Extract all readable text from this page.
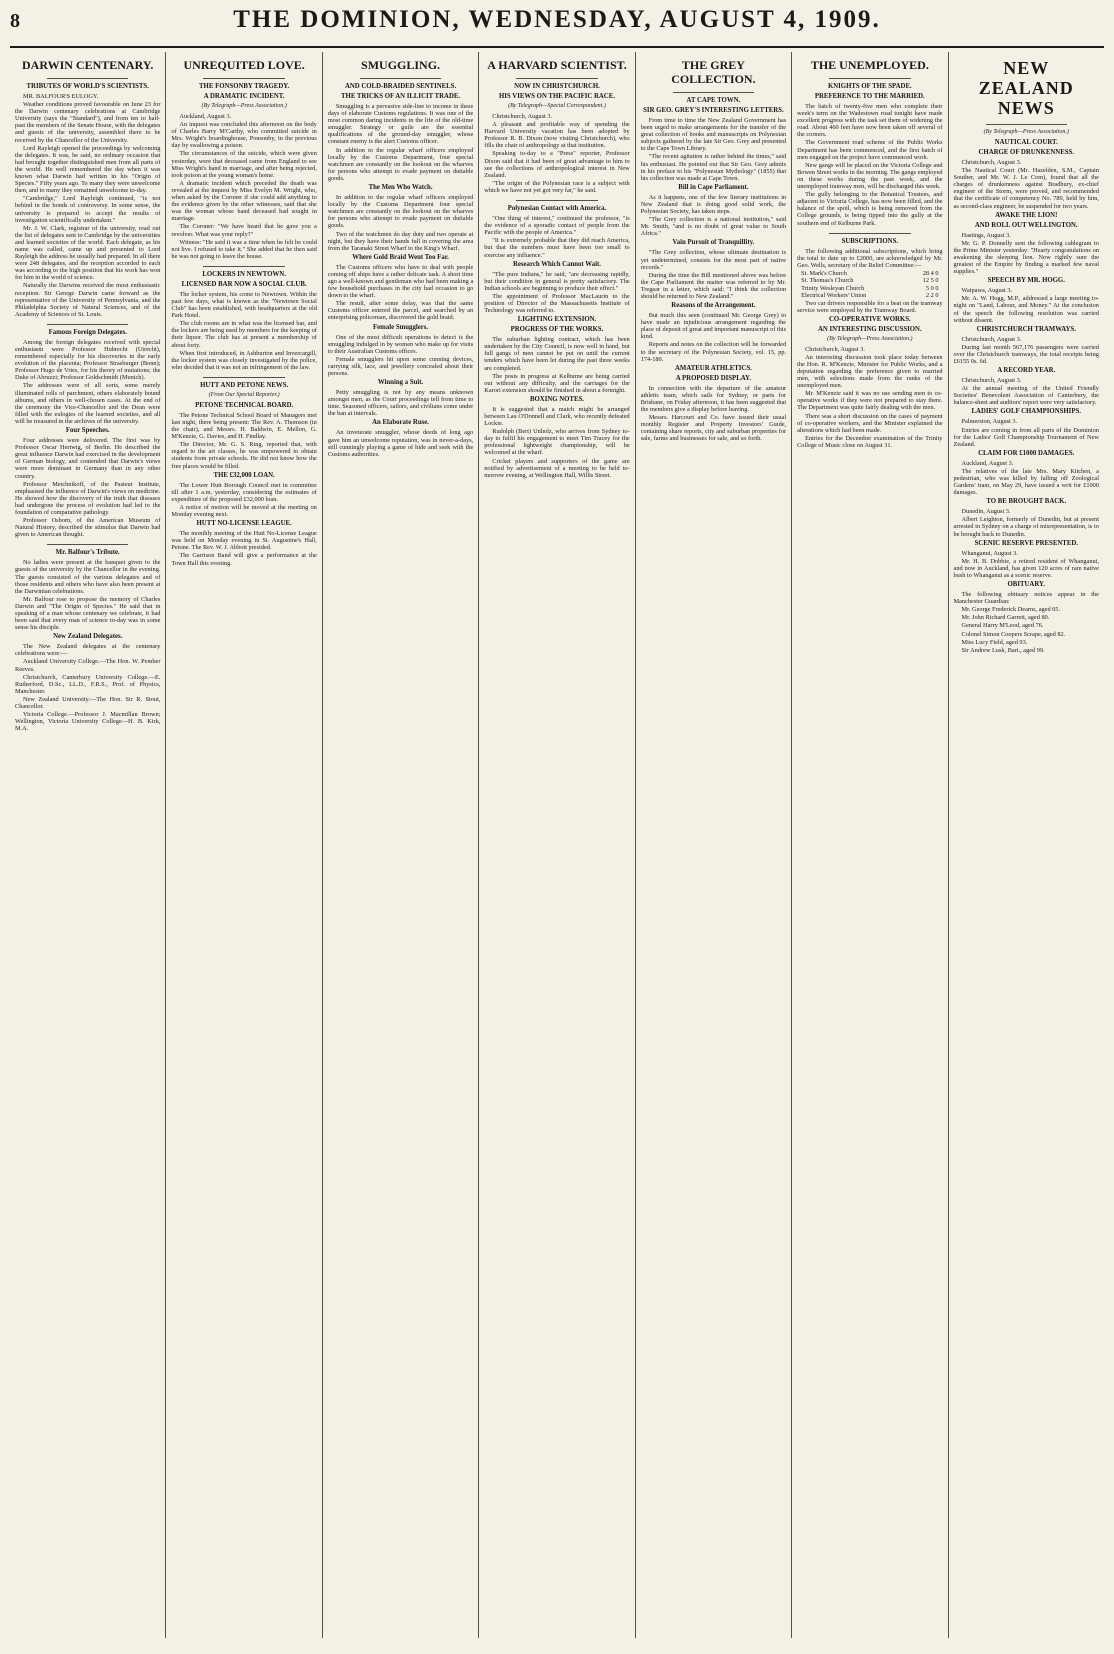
8	THE DOMINION, WEDNESDAY, AUGUST 4, 1909.
DARWIN CENTENARY.
TRIBUTES OF WORLD'S SCIENTISTS.

MR. BALFOUR'S EULOGY.

Weather conditions proved favourable on June 23 for the Darwin centenary celebrations at Cambridge University (says the "Standard"), and from ten to half-past the members of the Senate House, with the delegates and guests of the university, assembled there to be received by the Chancellor of the University.

Lord Rayleigh opened the proceedings by welcoming the delegates. It was, he said, no ordinary occasion that had brought together distinguished men from all parts of the world. He well remembered the day when it was known what Darwin had written in his "Origin of Species." Fifty years ago. To many they were unwelcome then, and to many they remained unwelcome to-day.

"Cambridge," Lord Rayleigh continued, "is not behind in the bonds of controversy. In some sense, the university is prepared to accept the results of investigation scientifically undertaken."

Mr. J. W. Clark, registrar of the university, read out the list of delegates sent to Cambridge by the universities and learned societies of the world. Each delegate, as his name was called, came up and presented to Lord Rayleigh the address he usually had prepared. In all there were 248 delegates, and the reception accorded to each was according to the high position that his work has won for him in the world of science.

Naturally the Darwins received the most enthusiastic reception. Sir George Darwin came forward as the representative of the University of Pennsylvania, and the Philadelphia Society of Natural Sciences, and of the Academy of Sciences of St. Louis.

Famous Foreign Delegates.

Among the foreign delegates received with special enthusiasm were Professor Hubrecht (Utrecht), remembered especially for his discoveries in the early evolution of the placenta; Professor Strasburger (Bonn); Professor Hugo de Vries, for his theory of mutations; the Duke of Abruzzi; Professor Goldschmidt (Munich).

The addresses were of all sorts, some merely illuminated rolls of parchment, others elaborately bound albums, and others in well-chosen cases. At the end of the ceremony the Vice-Chancellor and the Dean were filled with the eulogies of the learned societies, and all will be treasured in the archives of the university.

Four Speeches.

Four addresses were delivered. The first was by Professor Oscar Hertwig, of Berlin. He described the great influence Darwin had exercised in the development of German biology, and contended that Darwin's views were more dominant in Germany than in any other country.

Professor Metchnikoff, of the Pasteur Institute, emphasised the influence of Darwin's views on medicine. He showed how the discovery of the truth that diseases had undergone the process of evolution had led to the foundation of comparative pathology.

Professor Osborn, of the American Museum of Natural History, described the stimulus that Darwin had given to American thought.

Mr. Balfour's Tribute.

No ladies were present at the banquet given to the guests of the university by the Chancellor in the evening. The guests consisted of the various delegates and of those residents and others who have also been present at the Darwinian celebrations.

Mr. Balfour rose to propose the memory of Charles Darwin and "The Origin of Species." He said that in speaking of a man whose centenary we celebrate, it had been said that every man of science to-day was in some sense his disciple.

New Zealand Delegates.

The New Zealand delegates at the centenary celebrations were:—

Auckland University College.—The Hon. W. Pember Reeves.

Christchurch, Canterbury University College.—E. Rutherford, D.Sc., LL.D., F.R.S., Prof. of Physics, Manchester.

New Zealand University.—The Hon. Sir R. Stout, Chancellor.

Victoria College.—Professor J. Macmillan Brown; Wellington, Victoria University College—H. B. Kirk, M.A.

UNREQUITED LOVE.
THE FONSONBY TRAGEDY.
A DRAMATIC INCIDENT.
(By Telegraph—Press Association.)

Auckland, August 3.

An inquest was concluded this afternoon on the body of Charles Barry M'Carthy, who committed suicide in Mrs. Wright's boardinghouse, Ponsonby, in the previous day by swallowing a poison.

The circumstances of the suicide, which were given yesterday, were that deceased came from England to see Miss Wright's hand in marriage, and after being rejected, took poison at the young woman's home.

A dramatic incident which preceded the death was revealed at the inquest by Miss Evelyn M. Wright, who, when asked by the Coroner if she could add anything to the evidence given by the other witnesses, said that she was the woman whose hand deceased had sought in marriage.

The Coroner: "We have heard that he gave you a revolver. What was your reply?"

Witness: "He said it was a time when he felt he could not live. I refused to take it." She added that he then said he was not going to leave the house.

LOCKERS IN NEWTOWN.
LICENSED BAR NOW A SOCIAL CLUB.

The locker system, his come to Newtown. Within the past few days, what is known as the "Newtown Social Club" has been established, with headquarters at the old Park Hotel.

The club rooms are in what was the licensed bar, and the lockers are being used by members for the keeping of their liquor. The club has at present a membership of about forty.

When first introduced, in Ashburton and Invercargill, the locker system was closely investigated by the police, who decided that it was not an infringement of the law.

HUTT AND PETONE NEWS.
(From Our Special Reporter.)
PETONE TECHNICAL BOARD.

The Petone Technical School Board of Managers met last night, there being present: The Rev. A. Thomson (in the chair), and Messrs. H. Baldwin, E. Mellon, G. M'Kenzie, G. Davies, and H. Findlay.

The Director, Mr. G. S. Ring, reported that, with regard to the art classes, he was empowered to obtain students from private schools. He did not know how the free places would be filled.

THE £32,000 LOAN.

The Lower Hutt Borough Council met in committee till after 1 a.m. yesterday, considering the estimates of expenditure of the proposed £32,000 loan.

A notice of motion will be moved at the meeting on Monday evening next.

HUTT NO-LICENSE LEAGUE.

The monthly meeting of the Hutt No-License League was held on Monday evening in St. Augustine's Hall, Petone. The Rev. W. J. Abbott presided.

The Garrison Band will give a performance at the Town Hall this evening.

SMUGGLING.
AND COLD-BRAIDED SENTINELS.
THE TRICKS OF AN ILLICIT TRADE.

Smuggling is a pervasive side-line to income in these days of elaborate Customs regulations. It was one of the most common daring incidents in the life of the old-time smuggler. Strategy or guile are the essential qualifications of the ground-day smuggler, whose constant enemy is the alert Customs officer.

In addition to the regular wharf officers employed locally by the Customs Department, four special watchmen are constantly on the lookout on the wharves for persons who attempt to evade payment on dutiable goods.

The Men Who Watch.

In addition to the regular wharf officers employed locally by the Customs Department four special watchmen are constantly on the lookout on the wharves for persons who attempt to evade payment on dutiable goods.

Two of the watchmen do day duty and two operate at night, but they have their hands full in covering the area from the Taranaki Street Wharf to the King's Wharf.

Where Gold Braid Went Too Far.

The Customs officers who have to deal with people coming off ships have a rather delicate task. A short time ago a well-known and gentleman who had been making a few household purchases in the city had occasion to go down to the wharf.

The result, after some delay, was that the same Customs officer entered the parcel, and searched by an enterprising policeman, discovered the gold braid.

Female Smugglers.

One of the most difficult operations to detect is the smuggling indulged in by women who make up for visits to their Australian Customs offices.

Female smugglers hit upon some cunning devices, carrying silk, lace, and jewellery concealed about their persons.

Winning a Suit.

Petty smuggling is not by any means unknown amongst men, as the Court proceedings tell from time to time. Seasoned officers, sailors, and civilians come under the ban at intervals.

An Elaborate Ruse.

An inveterate smuggler, whose deeds of long ago gave him an unwelcome reputation, was in never-a-days, still cunningly playing a game of hide and seek with the Customs authorities.

A HARVARD SCIENTIST.
NOW IN CHRISTCHURCH.
HIS VIEWS ON THE PACIFIC RACE.
(By Telegraph—Special Correspondent.)

Christchurch, August 3.

A pleasant and profitable way of spending the Harvard University vacation has been adopted by Professor R. B. Dixon (now visiting Christchurch), who fills the chair of anthropology at that institution.

Speaking to-day to a "Press" reporter, Professor Dixon said that it had been of great advantage to him to see the collections of anthropological interest in New Zealand.

"The origin of the Polynesian race is a subject with which we have not yet got very far," he said.

Polynesian Contact with America.

"One thing of interest," continued the professor, "is the evidence of a sporadic contact of people from the Pacific with the people of America."

"It is extremely probable that they did reach America, but that the numbers must have been too small to exercise any influence."

Research Which Cannot Wait.

"The pure Indians," he said, "are decreasing rapidly, but their condition in general is pretty satisfactory. The Indian schools are beginning to produce their effect."

The appointment of Professor MacLaurin to the position of Director of the Massachusetts Institute of Technology was referred to.

LIGHTING EXTENSION.
PROGRESS OF THE WORKS.

The suburban lighting contract, which has been undertaken by the City Council, is now well in hand, but full gangs of men cannot be put on until the current tenders which have been let during the past three weeks are completed.

The posts in progress at Kelburne are being carried out without any difficulty, and the carriages for the Karori extension should be finished in about a fortnight.

BOXING NOTES.

It is suggested that a match might be arranged between Lau O'Donnell and Clark, who recently defeated Lockie.

Rudolph (Bert) Unholz, who arrives from Sydney to-day to fulfil his engagement to meet Tim Tracey for the professional lightweight championship, will be welcomed at the wharf.

Cricket players and supporters of the game are notified by advertisement of a meeting to be held to-morrow evening, at Wellington Hall, Willis Street.

THE GREY COLLECTION.
AT CAPE TOWN.
SIR GEO. GREY'S INTERESTING LETTERS.

From time to time the New Zealand Government has been urged to make arrangements for the transfer of the great collection of books and manuscripts on Polynesian subjects gathered by the late Sir Geo. Grey and presented to the Cape Town Library.

"The recent agitation is rather behind the times," said his enthusiast. He pointed out that Sir Geo. Grey admits in his preface to his "Polynesian Mythology" (1855) that his collection was made at Cape Town.

Bill in Cape Parliament.

As it happens, one of the few literary institutions in New Zealand that is doing good solid work, the Polynesian Society, has taken steps.

"The Grey collection is a national institution," said Mr. Smith, "and is no doubt of great value to South Africa."

Vain Pursuit of Tranquillity.

"The Grey collection, whose ultimate destination is yet undetermined, consists for the most part of native records."

During the time the Bill mentioned above was before the Cape Parliament the matter was referred to by Mr. Tregear in a letter, which said: "I think the collection should be returned to New Zealand."

Reasons of the Arrangement.

But much this seen (continued Mr. George Grey) to have made an injudicious arrangement regarding the place of deposit of great and important manuscript of this kind.

Reports and notes on the collection will be forwarded to the secretary of the Polynesian Society, vol. 15, pp. 174-180.

AMATEUR ATHLETICS.
A PROPOSED DISPLAY.

In connection with the departure of the amateur athletic team, which sails for Sydney, or parts for Brisbane, on Friday afternoon, it has been suggested that the members give a display before leaving.

Messrs. Harcourt and Co. have issued their usual monthly Register and Property Investors' Guide, containing share reports, city and suburban properties for sale, farms and businesses for sale, and so forth.

THE UNEMPLOYED.
KNIGHTS OF THE SPADE.
PREFERENCE TO THE MARRIED.

The batch of twenty-five men who complete their week's term on the Wadestown road tonight have made excellent progress with the task set them of widening the road. About 460 feet have now been taken off several of the corners.

The Government road scheme of the Public Works Department has been commenced, and the first batch of men engaged on the project have commenced work.

New gangs will be placed on the Victoria College and Bowen Street works in the morning. The gangs employed on these works during the past week, and the unemployed tramway men, will be discharged this week.

The gully belonging to the Botanical Trustees, and adjacent to Victoria College, has now been filled, and the balance of the spoil, which is being removed from the College grounds, is being tipped into the gully at the southern end of Kelburne Park.

SUBSCRIPTIONS.

The following additional subscriptions, which bring the total to date up to £2000, are acknowledged by Mr. Geo. Wells, secretary of the Relief Committee:—

St. Mark's Church	28 4 0
St. Thomas's Church	12 5 0
Trinity Wesleyan Church	5 0 0
Electrical Workers' Union	2 2 0

Two car drivers responsible for a beat on the tramway service were employed by the Tramway Board.

CO-OPERATIVE WORKS.
AN INTERESTING DISCUSSION.
(By Telegraph—Press Association.)

Christchurch, August 3.

An interesting discussion took place today between the Hon. R. M'Kenzie, Minister for Public Works, and a deputation regarding the preference given to married men, with selections made from the ranks of the unemployed men.

Mr. M'Kenzie said it was no use sending men to co-operative works if they were not prepared to stay there. The Department was quite fairly dealing with the men.

There was a short discussion on the cases of payment of co-operative workers, and the Minister explained the alterations which had been made.

Entries for the December examination of the Trinity College of Music close on August 31.

NEW ZEALAND NEWS
(By Telegraph—Press Association.)
NAUTICAL COURT.
CHARGE OF DRUNKENNESS.

Christchurch, August 3.

The Nautical Court (Mr. Hazelden, S.M., Captain Souther, and Mr. W. J. Le Cren), found that all the charges of drunkenness against Bradbury, ex-chief engineer of the Storm, were proved, and recommended that the certificate of competency No. 789, held by him, as second-class engineer, be suspended for two years.

AWAKE THE LION!
AND ROLL OUT WELLINGTON.

Hastings, August 3.

Mr. G. P. Donnelly sent the following cablegram to the Prime Minister yesterday: "Hearty congratulations on awakening the sleeping lion. Now rightly sure the greatest of the Empire by finding a marked few naval supplies."

SPEECH BY MR. HOGG.

Waipawa, August 3.

Mr. A. W. Hogg, M.P., addressed a large meeting to-night on "Land, Labour, and Money." At the conclusion of the speech the following resolution was carried without dissent.

CHRISTCHURCH TRAMWAYS.

Christchurch, August 3.

During last month 567,176 passengers were carried over the Christchurch tramways, the total receipts being £6155 0s. 6d.

A RECORD YEAR.

Christchurch, August 3.

At the annual meeting of the United Friendly Societies' Benevolent Association of Canterbury, the balance-sheet and auditors' report were very satisfactory.

LADIES' GOLF CHAMPIONSHIPS.

Palmerston, August 3.

Entries are coming in from all parts of the Dominion for the Ladies' Golf Championship Tournament of New Zealand.

CLAIM FOR £1000 DAMAGES.

Auckland, August 3.

The relatives of the late Mrs. Mary Kitchen, a pedestrian, who was killed by falling off Zoological Gardens' tram, on May 29, have issued a writ for £1000 damages.

TO BE BROUGHT BACK.

Dunedin, August 3.

Albert Leighton, formerly of Dunedin, but at present arrested in Sydney on a charge of misrepresentation, is to be brought back to Dunedin.

SCENIC RESERVE PRESENTED.

Whanganui, August 3.

Mr. H. B. Dobbie, a retired resident of Whanganui, and now in Auckland, has given 120 acres of rare native bush to Whanganui as a scenic reserve.

OBITUARY.

The following obituary notices appear in the Manchester Guardian:

Mr. George Frederick Dearns, aged 65.

Mr. John Richard Garrett, aged 80.

General Harry M'Leod, aged 76.

Colonel Simon Coopers Scrape, aged 82.

Miss Lucy Field, aged 93.

Sir Andrew Lusk, Bart., aged 99.
